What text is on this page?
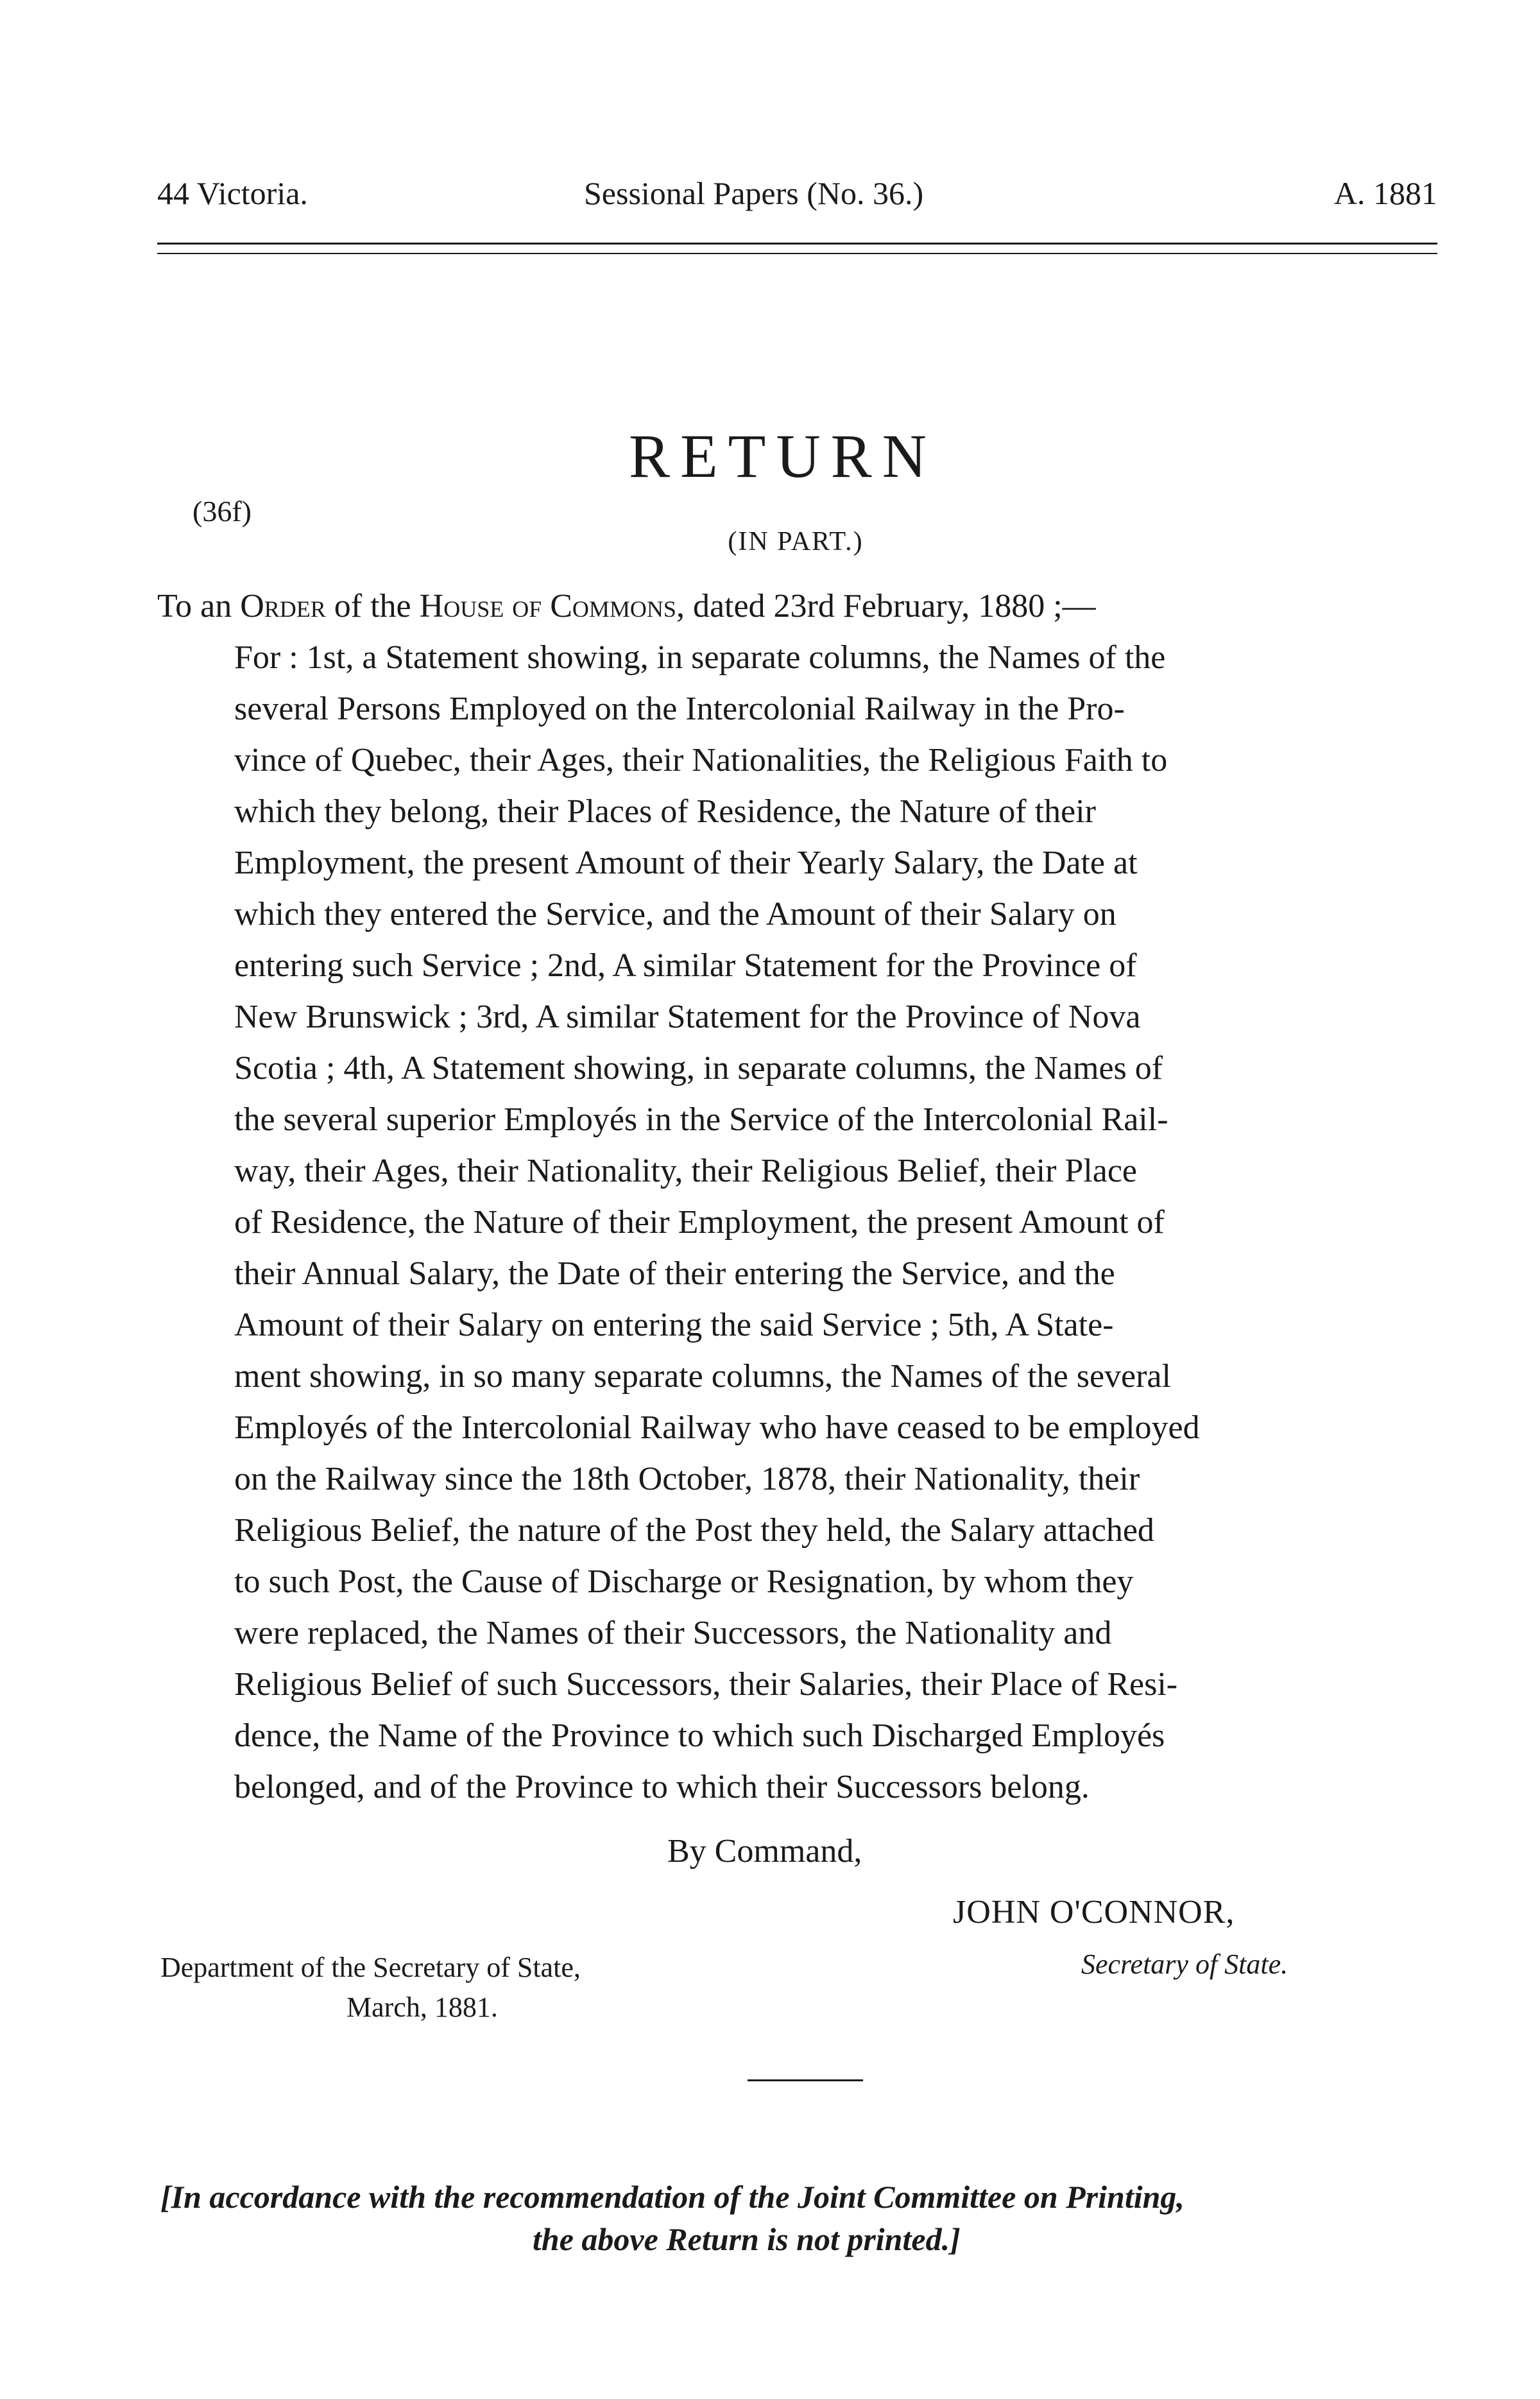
44 Victoria.	Sessional Papers (No. 36.)	A. 1881
RETURN
(36f)
(IN PART.)
To an Order of the House of Commons, dated 23rd February, 1880 ;—
For : 1st, a Statement showing, in separate columns, the Names of the
several Persons Employed on the Intercolonial Railway in the Pro-
vince of Quebec, their Ages, their Nationalities, the Religious Faith to
which they belong, their Places of Residence, the Nature of their
Employment, the present Amount of their Yearly Salary, the Date at
which they entered the Service, and the Amount of their Salary on
entering such Service ; 2nd, A similar Statement for the Province of
New Brunswick ; 3rd, A similar Statement for the Province of Nova
Scotia ; 4th, A Statement showing, in separate columns, the Names of
the several superior Employés in the Service of the Intercolonial Rail-
way, their Ages, their Nationality, their Religious Belief, their Place
of Residence, the Nature of their Employment, the present Amount of
their Annual Salary, the Date of their entering the Service, and the
Amount of their Salary on entering the said Service ; 5th, A State-
ment showing, in so many separate columns, the Names of the several
Employés of the Intercolonial Railway who have ceased to be employed
on the Railway since the 18th October, 1878, their Nationality, their
Religious Belief, the nature of the Post they held, the Salary attached
to such Post, the Cause of Discharge or Resignation, by whom they
were replaced, the Names of their Successors, the Nationality and
Religious Belief of such Successors, their Salaries, their Place of Resi-
dence, the Name of the Province to which such Discharged Employés
belonged, and of the Province to which their Successors belong.
By Command,
JOHN O'CONNOR,
Department of the Secretary of State,
March, 1881.
Secretary of State.
[In accordance with the recommendation of the Joint Committee on Printing,
the above Return is not printed.]
